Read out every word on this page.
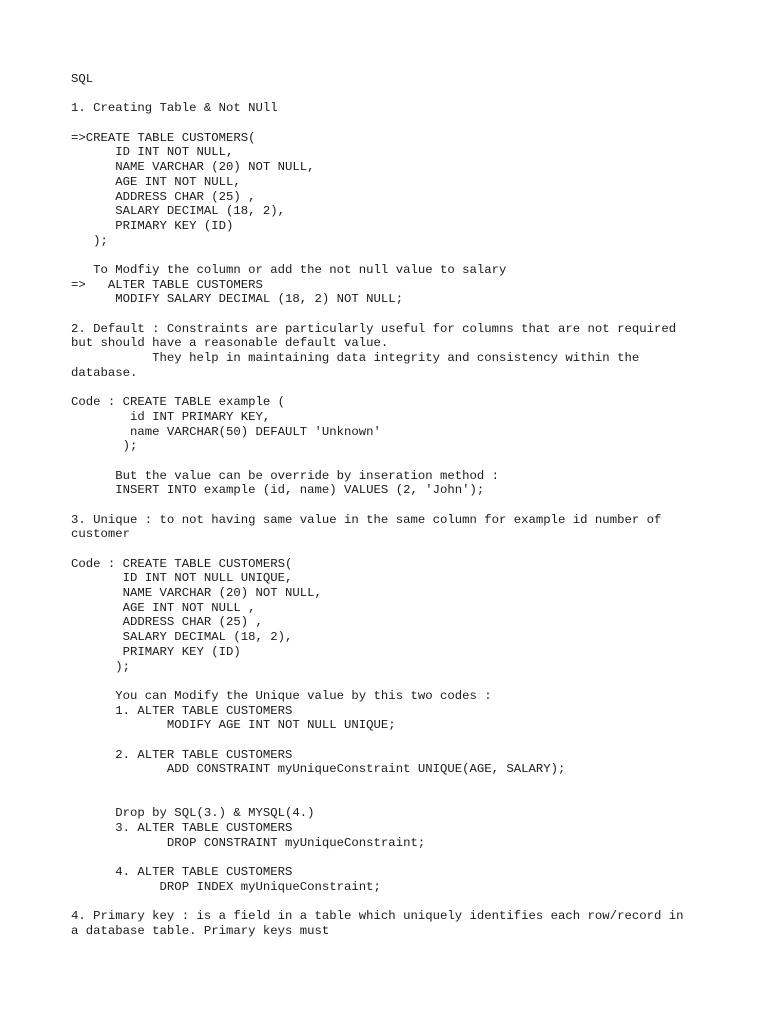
SQL
1. Creating Table & Not NUll
=>CREATE TABLE CUSTOMERS(
ID INT NOT NULL,
NAME VARCHAR (20) NOT NULL,
AGE INT NOT NULL,
ADDRESS CHAR (25) ,
SALARY DECIMAL (18, 2),
PRIMARY KEY (ID)
);
To Modfiy the column or add the not null value to salary
=>   ALTER TABLE CUSTOMERS
MODIFY SALARY DECIMAL (18, 2) NOT NULL;
2. Default : Constraints are particularly useful for columns that are not required
but should have a reasonable default value.
They help in maintaining data integrity and consistency within the
database.
Code : CREATE TABLE example (
id INT PRIMARY KEY,
name VARCHAR(50) DEFAULT 'Unknown'
);
But the value can be override by inseration method :
INSERT INTO example (id, name) VALUES (2, 'John');
3. Unique : to not having same value in the same column for example id number of
customer
Code : CREATE TABLE CUSTOMERS(
ID INT NOT NULL UNIQUE,
NAME VARCHAR (20) NOT NULL,
AGE INT NOT NULL ,
ADDRESS CHAR (25) ,
SALARY DECIMAL (18, 2),
PRIMARY KEY (ID)
);
You can Modify the Unique value by this two codes :
1. ALTER TABLE CUSTOMERS
MODIFY AGE INT NOT NULL UNIQUE;
2. ALTER TABLE CUSTOMERS
ADD CONSTRAINT myUniqueConstraint UNIQUE(AGE, SALARY);
Drop by SQL(3.) & MYSQL(4.)
3. ALTER TABLE CUSTOMERS
DROP CONSTRAINT myUniqueConstraint;
4. ALTER TABLE CUSTOMERS
DROP INDEX myUniqueConstraint;
4. Primary key : is a field in a table which uniquely identifies each row/record in
a database table. Primary keys must
